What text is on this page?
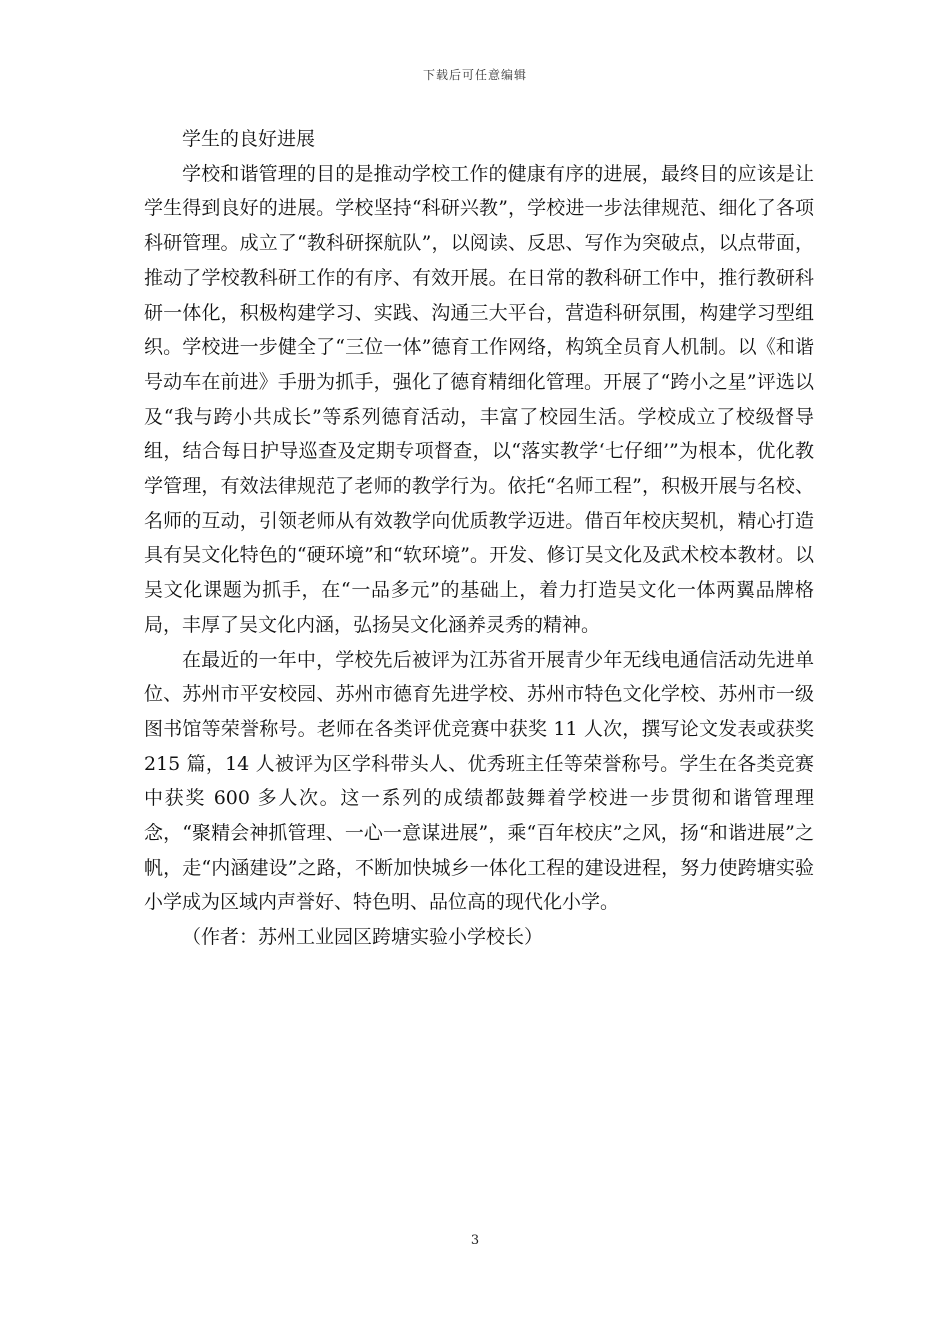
下载后可任意编辑
学生的良好进展

学校和谐管理的目的是推动学校工作的健康有序的进展，最终目的应该是让学生得到良好的进展。学校坚持“科研兴教”，学校进一步法律规范、细化了各项科研管理。成立了“教科研探航队”，以阅读、反思、写作为突破点，以点带面，推动了学校教科研工作的有序、有效开展。在日常的教科研工作中，推行教研科研一体化，积极构建学习、实践、沟通三大平台，营造科研氛围，构建学习型组织。学校进一步健全了“三位一体”德育工作网络，构筑全员育人机制。以《和谐号动车在前进》手册为抓手，强化了德育精细化管理。开展了“跨小之星”评选以及“我与跨小共成长”等系列德育活动，丰富了校园生活。学校成立了校级督导组，结合每日护导巡查及定期专项督查，以“落实教学‘七仔细’”为根本，优化教学管理，有效法律规范了老师的教学行为。依托“名师工程”，积极开展与名校、名师的互动，引领老师从有效教学向优质教学迈进。借百年校庆契机，精心打造具有吴文化特色的“硬环境”和“软环境”。开发、修订吴文化及武术校本教材。以吴文化课题为抓手，在“一品多元”的基础上，着力打造吴文化一体两翼品牌格局，丰厚了吴文化内涵，弘扬吴文化涵养灵秀的精神。

在最近的一年中，学校先后被评为江苏省开展青少年无线电通信活动先进单位、苏州市平安校园、苏州市德育先进学校、苏州市特色文化学校、苏州市一级图书馆等荣誉称号。老师在各类评优竞赛中获奖 11 人次，撰写论文发表或获奖 215 篇，14 人被评为区学科带头人、优秀班主任等荣誉称号。学生在各类竞赛中获奖 600 多人次。这一系列的成绩都鼓舞着学校进一步贯彻和谐管理理念，“聚精会神抓管理、一心一意谋进展”，乘“百年校庆”之风，扬“和谐进展”之帆，走“内涵建设”之路，不断加快城乡一体化工程的建设进程，努力使跨塘实验小学成为区域内声誉好、特色明、品位高的现代化小学。

（作者：苏州工业园区跨塘实验小学校长）

3
